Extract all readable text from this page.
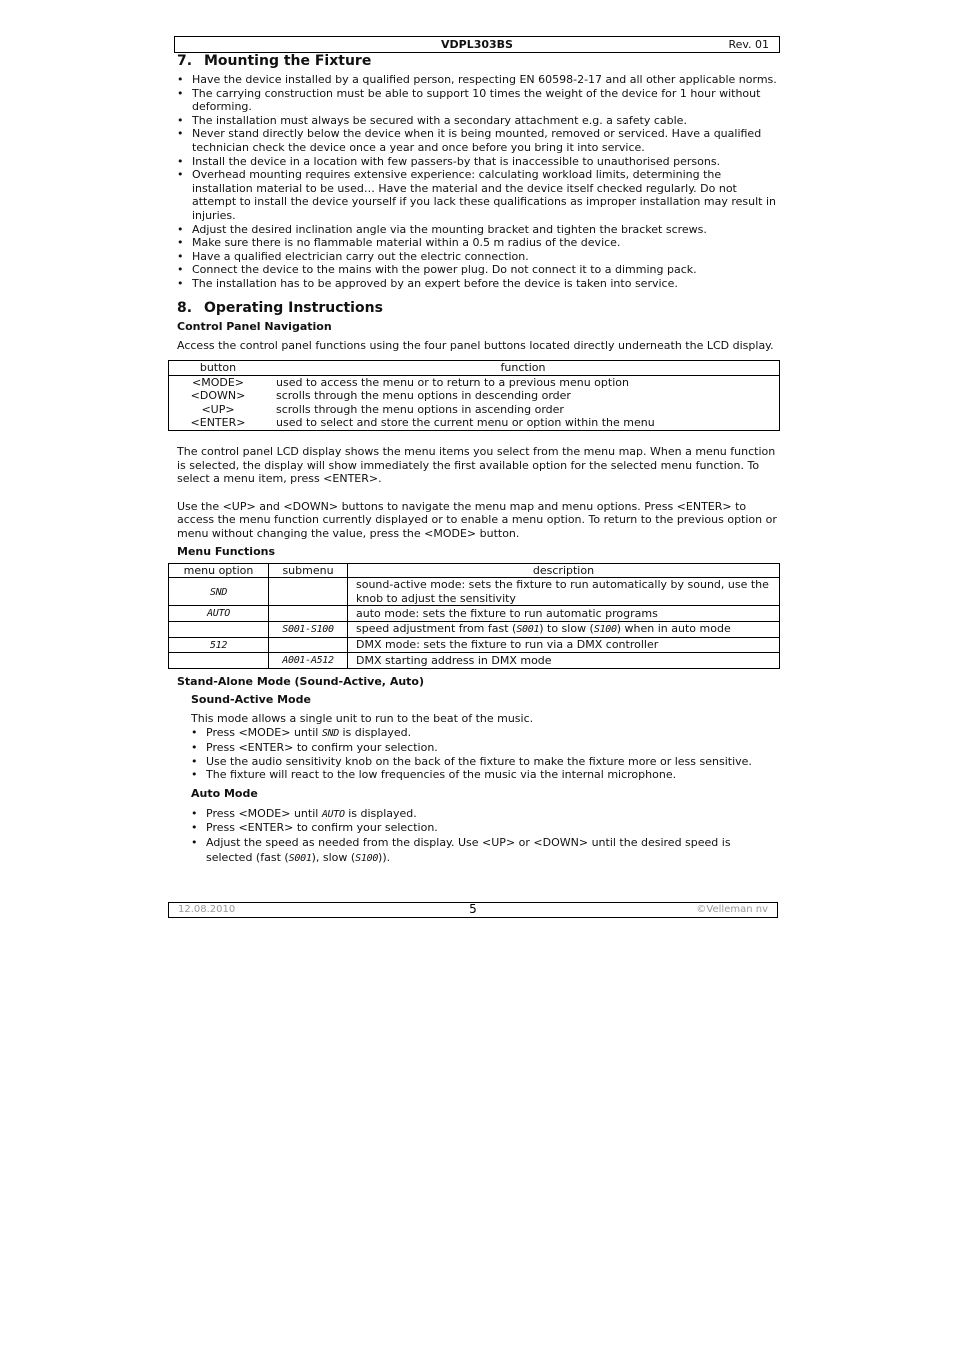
VDPL303BS	Rev. 01
7. Mounting the Fixture
• Have the device installed by a qualified person, respecting EN 60598-2-17 and all other applicable norms.
• The carrying construction must be able to support 10 times the weight of the device for 1 hour without deforming.
• The installation must always be secured with a secondary attachment e.g. a safety cable.
• Never stand directly below the device when it is being mounted, removed or serviced. Have a qualified technician check the device once a year and once before you bring it into service.
• Install the device in a location with few passers-by that is inaccessible to unauthorised persons.
• Overhead mounting requires extensive experience: calculating workload limits, determining the installation material to be used… Have the material and the device itself checked regularly. Do not attempt to install the device yourself if you lack these qualifications as improper installation may result in injuries.
• Adjust the desired inclination angle via the mounting bracket and tighten the bracket screws.
• Make sure there is no flammable material within a 0.5 m radius of the device.
• Have a qualified electrician carry out the electric connection.
• Connect the device to the mains with the power plug. Do not connect it to a dimming pack.
• The installation has to be approved by an expert before the device is taken into service.
8. Operating Instructions
Control Panel Navigation

Access the control panel functions using the four panel buttons located directly underneath the LCD display.

button	function
<MODE>	used to access the menu or to return to a previous menu option
<DOWN>	scrolls through the menu options in descending order
<UP>	scrolls through the menu options in ascending order
<ENTER>	used to select and store the current menu or option within the menu

The control panel LCD display shows the menu items you select from the menu map. When a menu function is selected, the display will show immediately the first available option for the selected menu function. To select a menu item, press <ENTER>.

Use the <UP> and <DOWN> buttons to navigate the menu map and menu options. Press <ENTER> to access the menu function currently displayed or to enable a menu option. To return to the previous option or menu without changing the value, press the <MODE> button.

Menu Functions
menu option	submenu	description
SND		sound-active mode: sets the fixture to run automatically by sound, use the knob to adjust the sensitivity
AUTO		auto mode: sets the fixture to run automatic programs
	S001-S100	speed adjustment from fast (S001) to slow (S100) when in auto mode
512		DMX mode: sets the fixture to run via a DMX controller
	A001-A512	DMX starting address in DMX mode
Stand-Alone Mode (Sound-Active, Auto)
Sound-Active Mode

This mode allows a single unit to run to the beat of the music.

• Press <MODE> until SND is displayed.
• Press <ENTER> to confirm your selection.
• Use the audio sensitivity knob on the back of the fixture to make the fixture more or less sensitive.
• The fixture will react to the low frequencies of the music via the internal microphone.
Auto Mode
• Press <MODE> until AUTO is displayed.
• Press <ENTER> to confirm your selection.
• Adjust the speed as needed from the display. Use <UP> or <DOWN> until the desired speed is selected (fast (S001), slow (S100)).
12.08.2010	5	©Velleman nv
